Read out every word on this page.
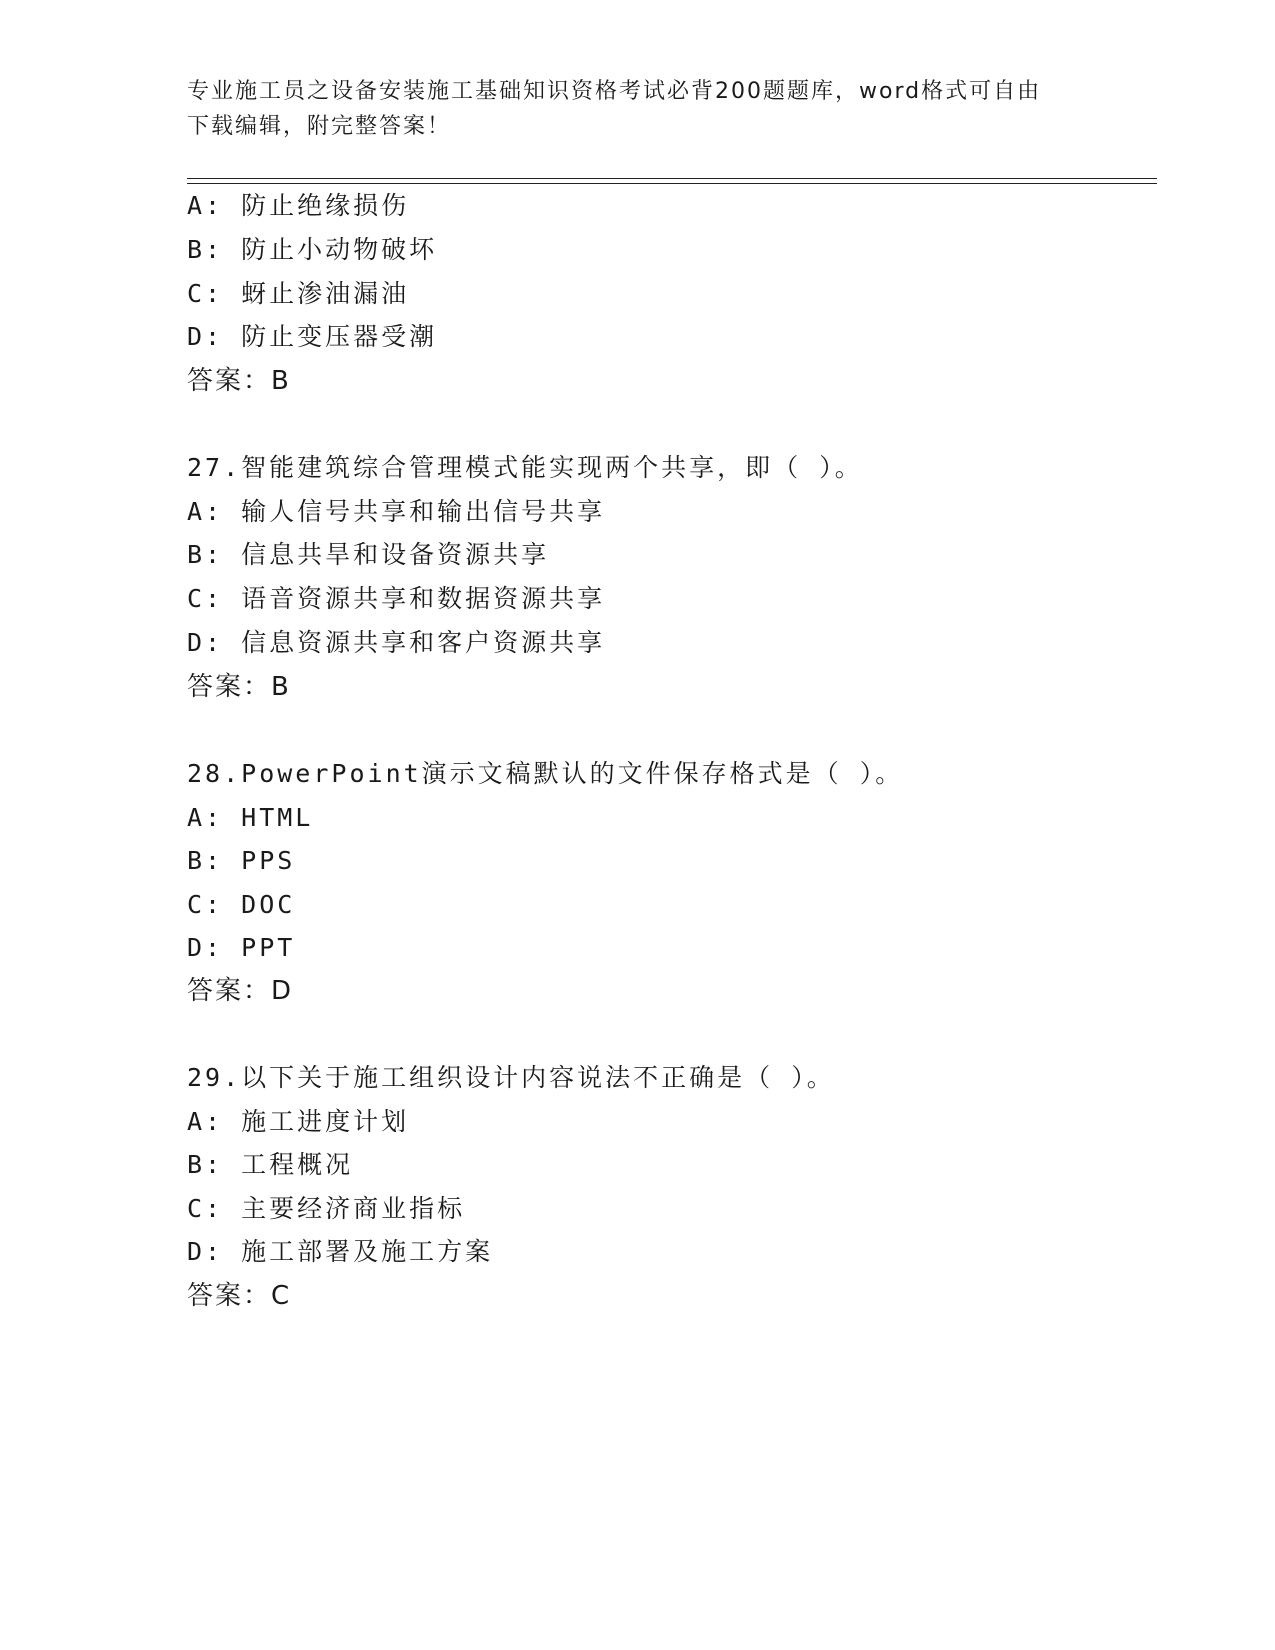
专业施工员之设备安装施工基础知识资格考试必背200题题库，word格式可自由
下载编辑，附完整答案！
A: 防止绝缘损伤
B: 防止小动物破坏
C: 蚜止渗油漏油
D: 防止变压器受潮
答案：B
27.智能建筑综合管理模式能实现两个共享，即（ ）。
A: 输人信号共享和输出信号共享
B: 信息共旱和设备资源共享
C: 语音资源共享和数据资源共享
D: 信息资源共享和客户资源共享
答案：B
28.PowerPoint演示文稿默认的文件保存格式是（ ）。
A: HTML
B: PPS
C: DOC
D: PPT
答案：D
29.以下关于施工组织设计内容说法不正确是（ ）。
A: 施工进度计划
B: 工程概况
C: 主要经济商业指标
D: 施工部署及施工方案
答案：C
